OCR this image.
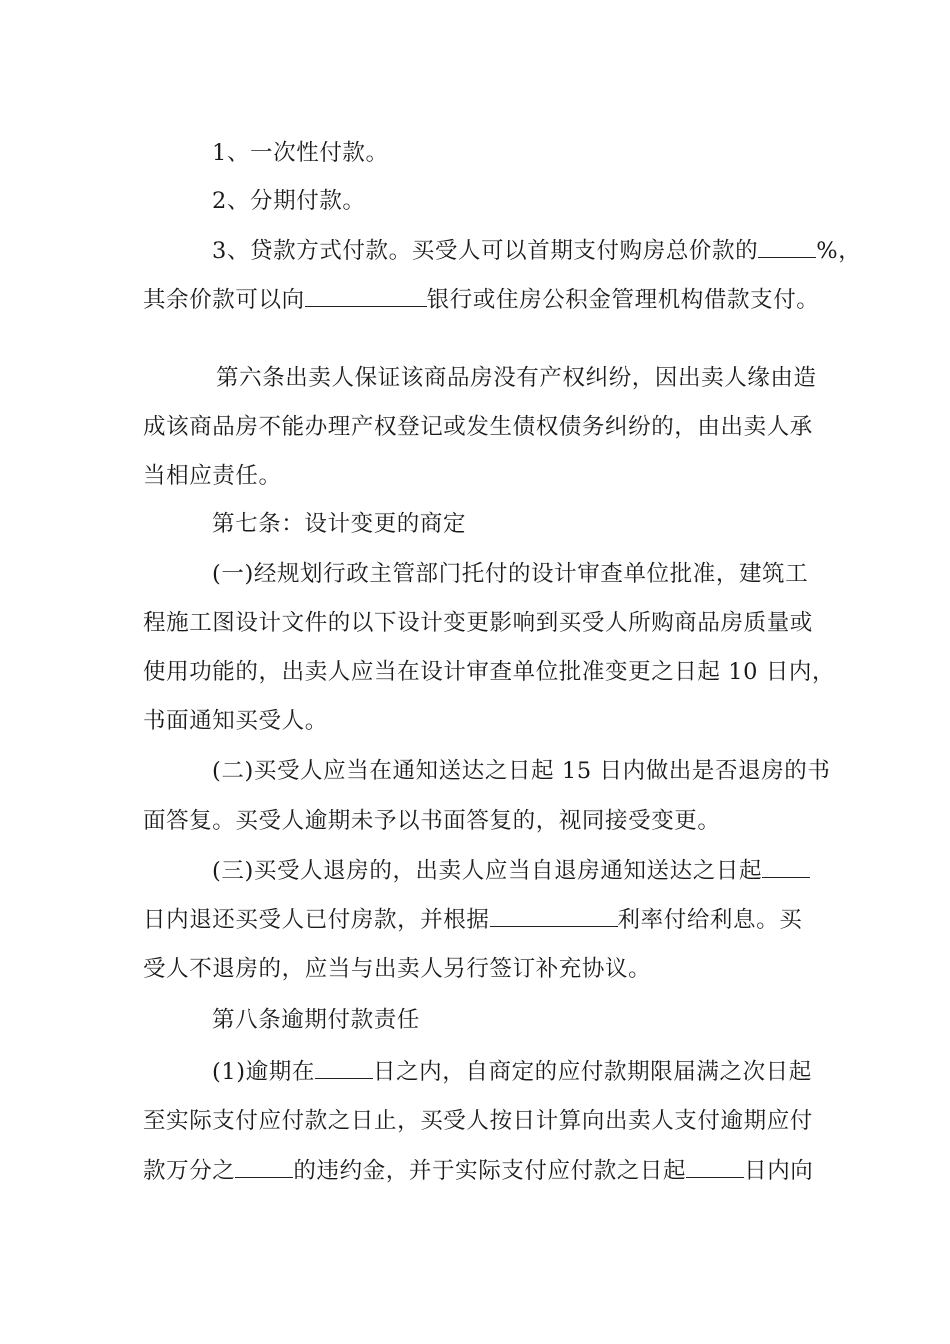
1、一次性付款。
2、分期付款。
3、贷款方式付款。买受人可以首期支付购房总价款的	%，
其余价款可以向	银行或住房公积金管理机构借款支付。
第六条出卖人保证该商品房没有产权纠纷，因出卖人缘由造
成该商品房不能办理产权登记或发生债权债务纠纷的，由出卖人承
当相应责任。
第七条：设计变更的商定
(一)经规划行政主管部门托付的设计审查单位批准，建筑工
程施工图设计文件的以下设计变更影响到买受人所购商品房质量或
使用功能的，出卖人应当在设计审查单位批准变更之日起 10 日内，
书面通知买受人。
(二)买受人应当在通知送达之日起 15 日内做出是否退房的书
面答复。买受人逾期未予以书面答复的，视同接受变更。
(三)买受人退房的，出卖人应当自退房通知送达之日起
日内退还买受人已付房款，并根据	利率付给利息。买
受人不退房的，应当与出卖人另行签订补充协议。
第八条逾期付款责任
(1)逾期在	日之内，自商定的应付款期限届满之次日起
至实际支付应付款之日止，买受人按日计算向出卖人支付逾期应付
款万分之	的违约金，并于实际支付应付款之日起	日内向
